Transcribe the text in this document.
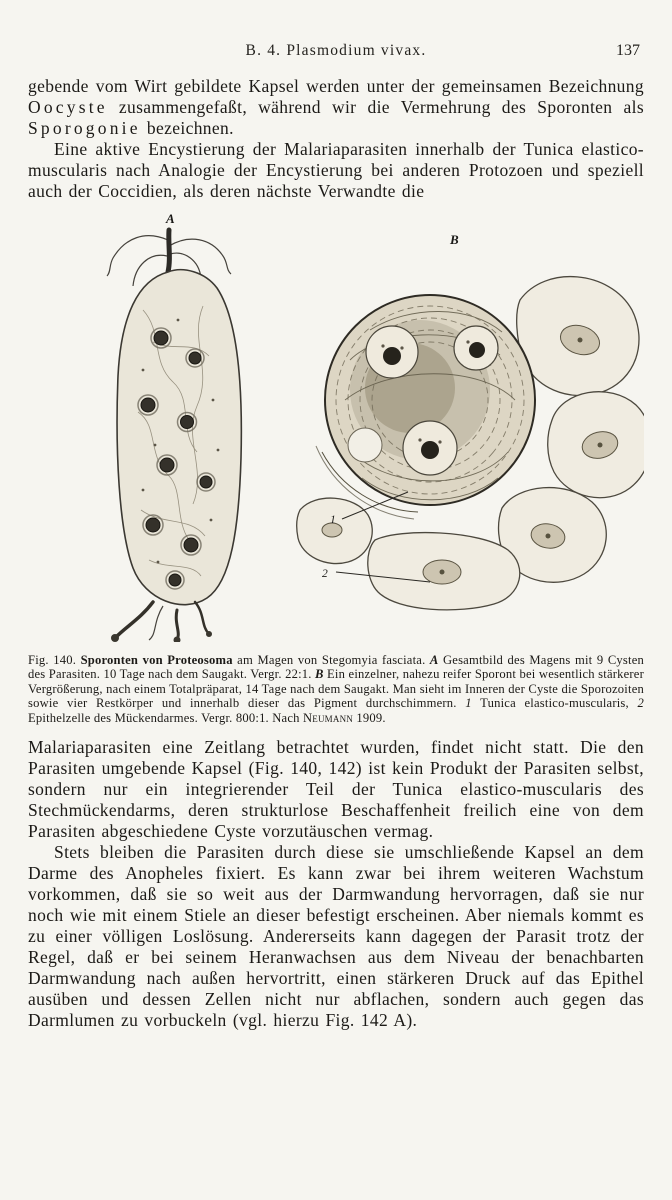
B. 4. Plasmodium vivax.	137

gebende vom Wirt gebildete Kapsel werden unter der gemeinsamen Bezeichnung Oocyste zusammengefaßt, während wir die Vermehrung des Sporonten als Sporogonie bezeichnen.

Eine aktive Encystierung der Malariaparasiten innerhalb der Tunica elastico-muscularis nach Analogie der Encystierung bei anderen Protozoen und speziell auch der Coccidien, als deren nächste Verwandte die

A
B
1
2

Fig. 140. Sporonten von Proteosoma am Magen von Stegomyia fasciata. A Gesamtbild des Magens mit 9 Cysten des Parasiten. 10 Tage nach dem Saugakt. Vergr. 22:1. B Ein einzelner, nahezu reifer Sporont bei wesentlich stärkerer Vergrößerung, nach einem Totalpräparat, 14 Tage nach dem Saugakt. Man sieht im Inneren der Cyste die Sporozoiten sowie vier Restkörper und innerhalb dieser das Pigment durchschimmern. 1 Tunica elastico-muscularis, 2 Epithelzelle des Mückendarmes. Vergr. 800:1. Nach Neumann 1909.

Malariaparasiten eine Zeitlang betrachtet wurden, findet nicht statt. Die den Parasiten umgebende Kapsel (Fig. 140, 142) ist kein Produkt der Parasiten selbst, sondern nur ein integrierender Teil der Tunica elastico-muscularis des Stechmückendarms, deren strukturlose Beschaffenheit freilich eine von dem Parasiten abgeschiedene Cyste vorzutäuschen vermag.

Stets bleiben die Parasiten durch diese sie umschließende Kapsel an dem Darme des Anopheles fixiert. Es kann zwar bei ihrem weiteren Wachstum vorkommen, daß sie so weit aus der Darmwandung hervorragen, daß sie nur noch wie mit einem Stiele an dieser befestigt erscheinen. Aber niemals kommt es zu einer völligen Loslösung. Andererseits kann dagegen der Parasit trotz der Regel, daß er bei seinem Heranwachsen aus dem Niveau der benachbarten Darmwandung nach außen hervortritt, einen stärkeren Druck auf das Epithel ausüben und dessen Zellen nicht nur abflachen, sondern auch gegen das Darmlumen zu vorbuckeln (vgl. hierzu Fig. 142 A).
